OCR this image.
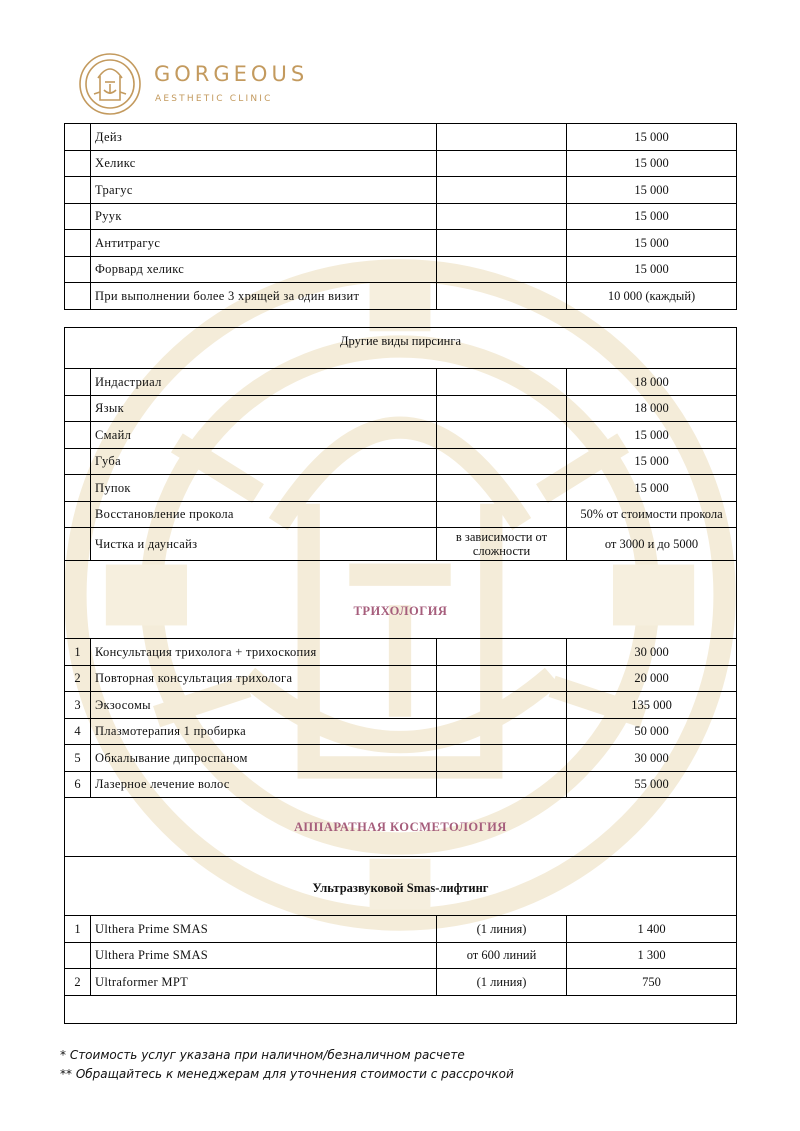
GORGEOUS
AESTHETIC CLINIC
	Дейз		15 000
	Хеликс		15 000
	Трагус		15 000
	Руук		15 000
	Антитрагус		15 000
	Форвард хеликс		15 000
	При выполнении более 3 хрящей за один визит		10 000 (каждый)
Другие виды пирсинга			
	Индастриал		18 000
	Язык		18 000
	Смайл		15 000
	Губа		15 000
	Пупок		15 000
	Восстановление прокола		50% от стоимости прокола
	Чистка и даунсайз	в зависимости от сложности	от 3000 и до 5000
ТРИХОЛОГИЯ			
1	Консультация трихолога + трихоскопия		30 000
2	Повторная консультация трихолога		20 000
3	Экзосомы		135 000
4	Плазмотерапия 1 пробирка		50 000
5	Обкалывание дипроспаном		30 000
6	Лазерное лечение волос		55 000
АППАРАТНАЯ КОСМЕТОЛОГИЯ			
Ультразвуковой Smas-лифтинг			
1	Ulthera Prime SMAS	(1 линия)	1 400
	Ulthera Prime SMAS	от 600 линий	1 300
2	Ultraformer MPT	(1 линия)	750

* Стоимость услуг указана при наличном/безналичном расчете
** Обращайтесь к менеджерам для уточнения стоимости с рассрочкой
